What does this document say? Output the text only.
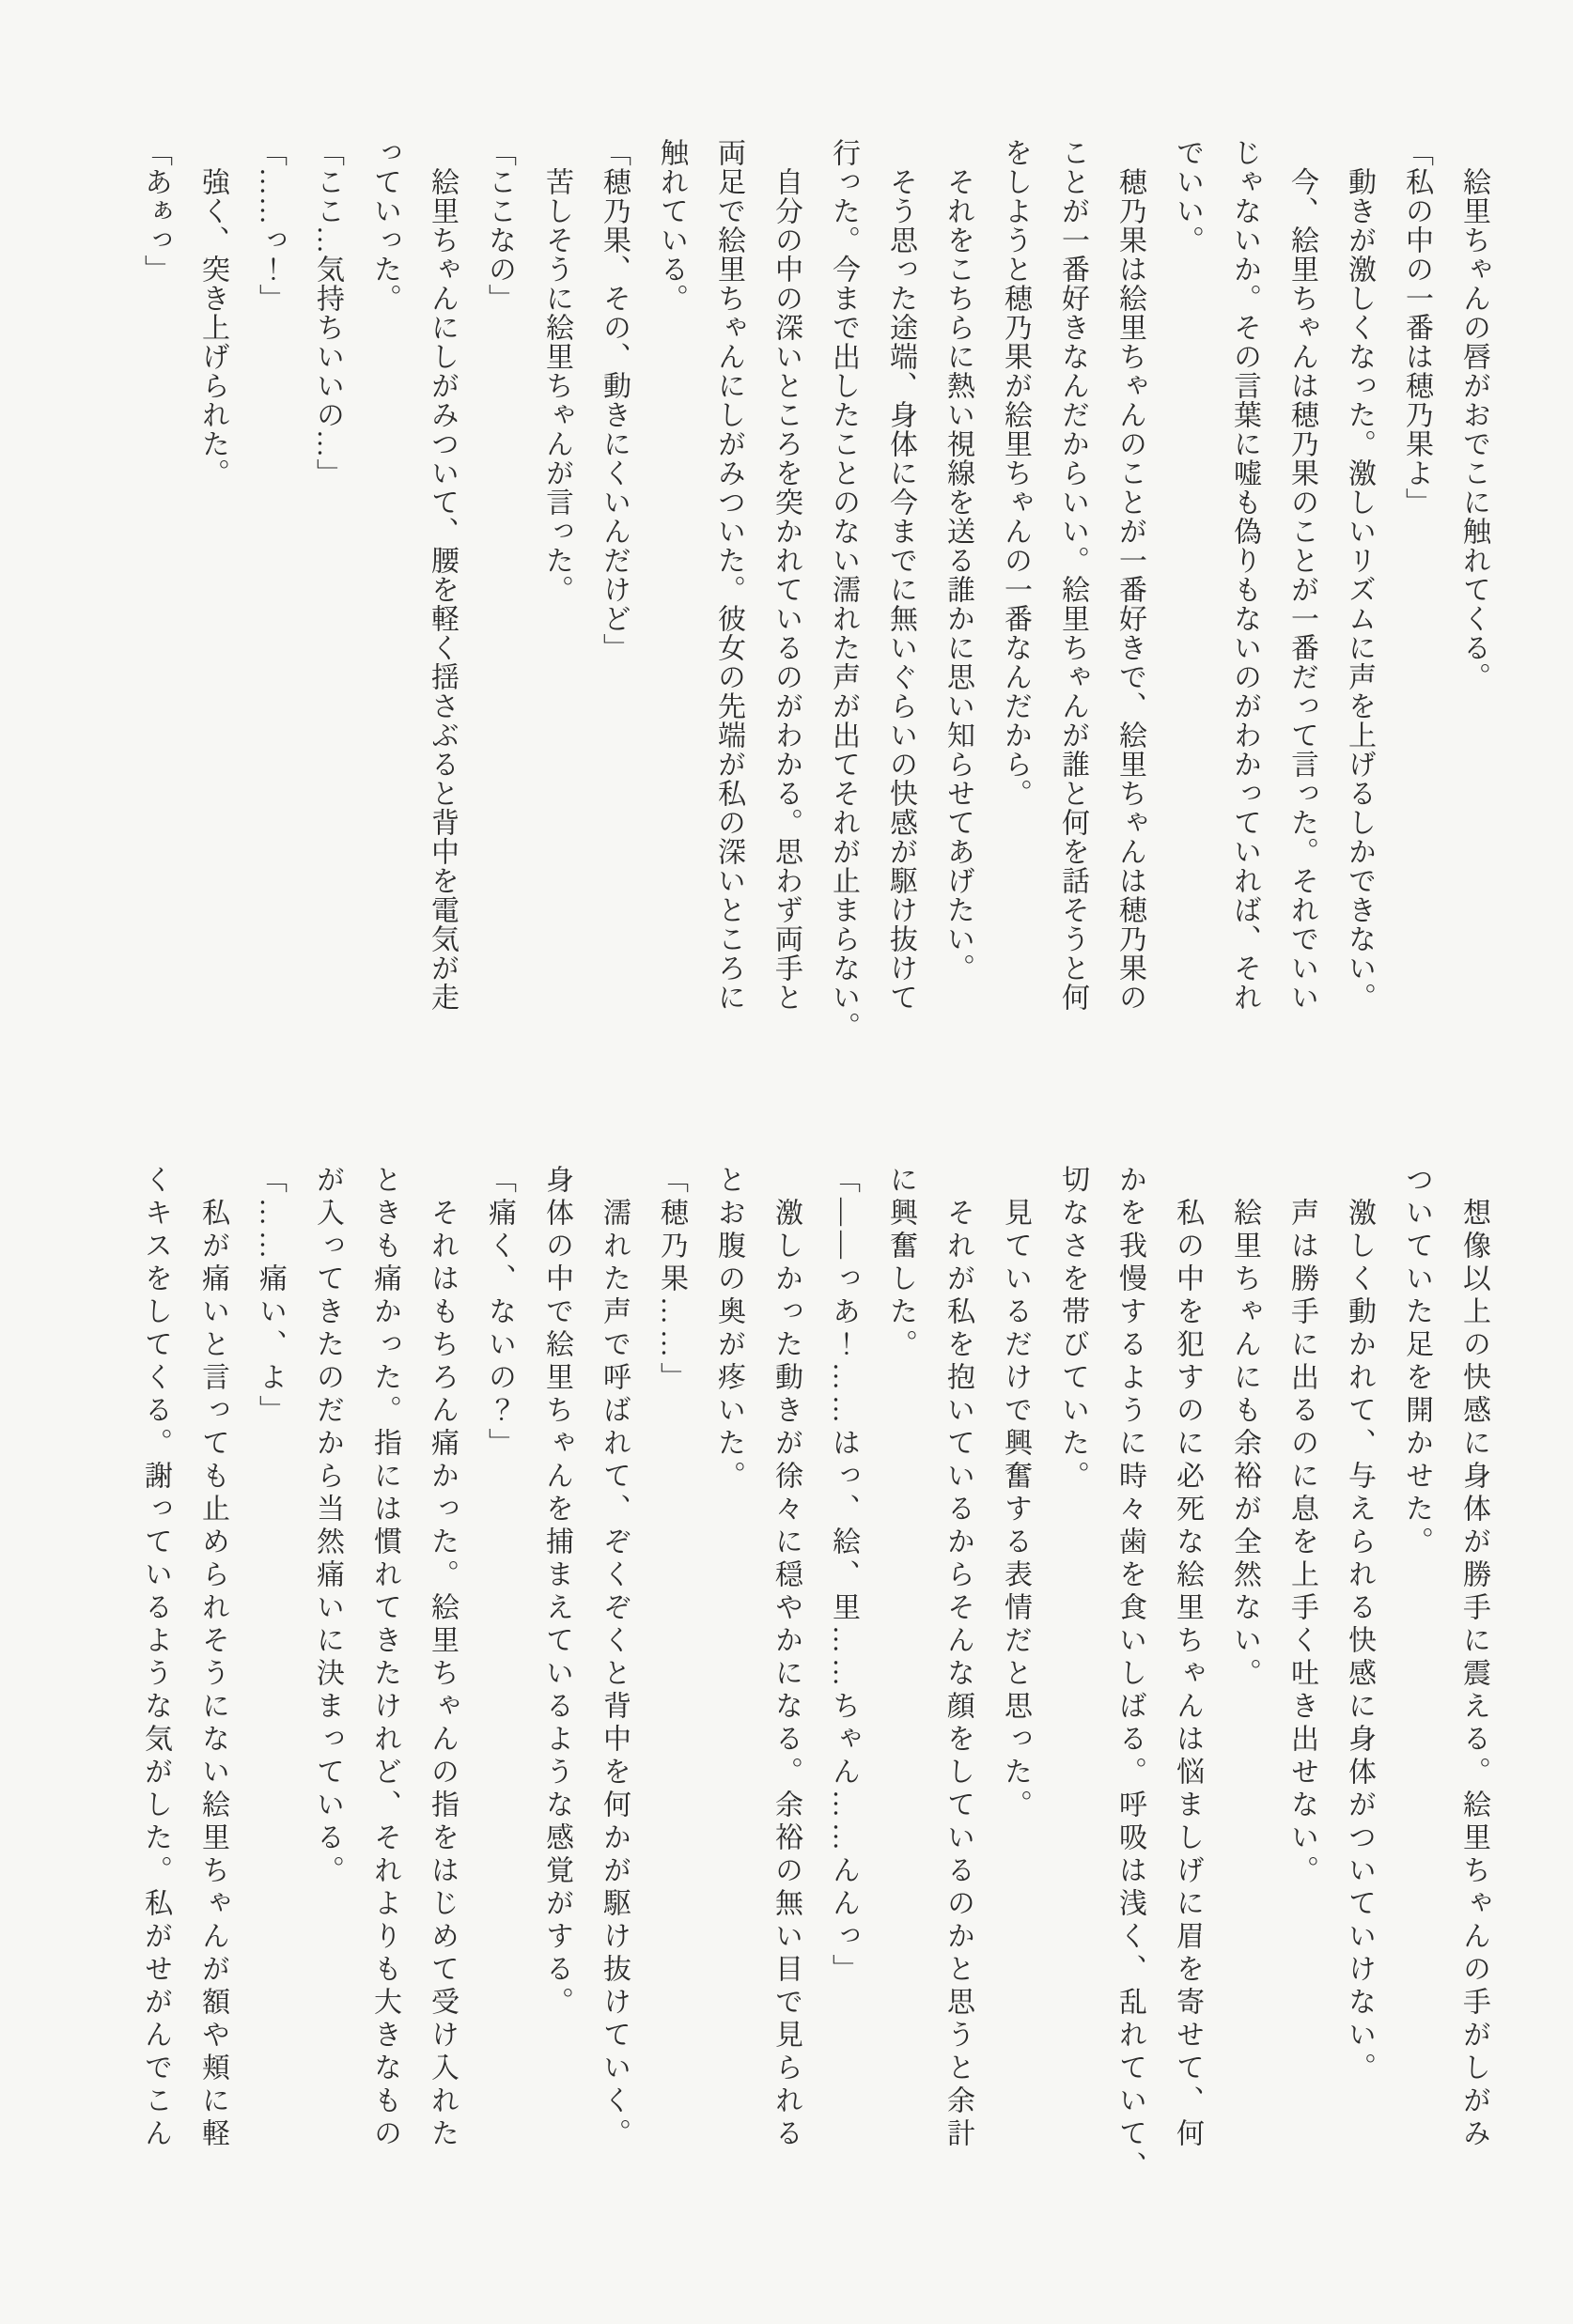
　絵里ちゃんの唇がおでこに触れてくる。
「私の中の一番は穂乃果よ」
　動きが激しくなった。激しいリズムに声を上げるしかできない。
　今、絵里ちゃんは穂乃果のことが一番だって言った。それでいい
じゃないか。その言葉に嘘も偽りもないのがわかっていれば、それ
でいい。
　穂乃果は絵里ちゃんのことが一番好きで、絵里ちゃんは穂乃果の
ことが一番好きなんだからいい。絵里ちゃんが誰と何を話そうと何
をしようと穂乃果が絵里ちゃんの一番なんだから。
　それをこちらに熱い視線を送る誰かに思い知らせてあげたい。
　そう思った途端、身体に今までに無いぐらいの快感が駆け抜けて
行った。今まで出したことのない濡れた声が出てそれが止まらない。
　自分の中の深いところを突かれているのがわかる。思わず両手と
両足で絵里ちゃんにしがみついた。彼女の先端が私の深いところに
触れている。
「穂乃果、その、動きにくいんだけど」
　苦しそうに絵里ちゃんが言った。
「ここなの」
　絵里ちゃんにしがみついて、腰を軽く揺さぶると背中を電気が走
っていった。
「ここ…気持ちいいの…」
「……っ！」
　強く、突き上げられた。
「あぁっ」
　想像以上の快感に身体が勝手に震える。絵里ちゃんの手がしがみ
ついていた足を開かせた。
　激しく動かれて、与えられる快感に身体がついていけない。
　声は勝手に出るのに息を上手く吐き出せない。
　絵里ちゃんにも余裕が全然ない。
　私の中を犯すのに必死な絵里ちゃんは悩ましげに眉を寄せて、何
かを我慢するように時々歯を食いしばる。呼吸は浅く、乱れていて、
切なさを帯びていた。
　見ているだけで興奮する表情だと思った。
　それが私を抱いているからそんな顔をしているのかと思うと余計
に興奮した。
「――っあ！……はっ、絵、里……ちゃん……んんっ」
　激しかった動きが徐々に穏やかになる。余裕の無い目で見られる
とお腹の奥が疼いた。
「穂乃果……」
　濡れた声で呼ばれて、ぞくぞくと背中を何かが駆け抜けていく。
身体の中で絵里ちゃんを捕まえているような感覚がする。
「痛く、ないの？」
　それはもちろん痛かった。絵里ちゃんの指をはじめて受け入れた
ときも痛かった。指には慣れてきたけれど、それよりも大きなもの
が入ってきたのだから当然痛いに決まっている。
「……痛い、よ」
　私が痛いと言っても止められそうにない絵里ちゃんが額や頬に軽
くキスをしてくる。謝っているような気がした。私がせがんでこん
